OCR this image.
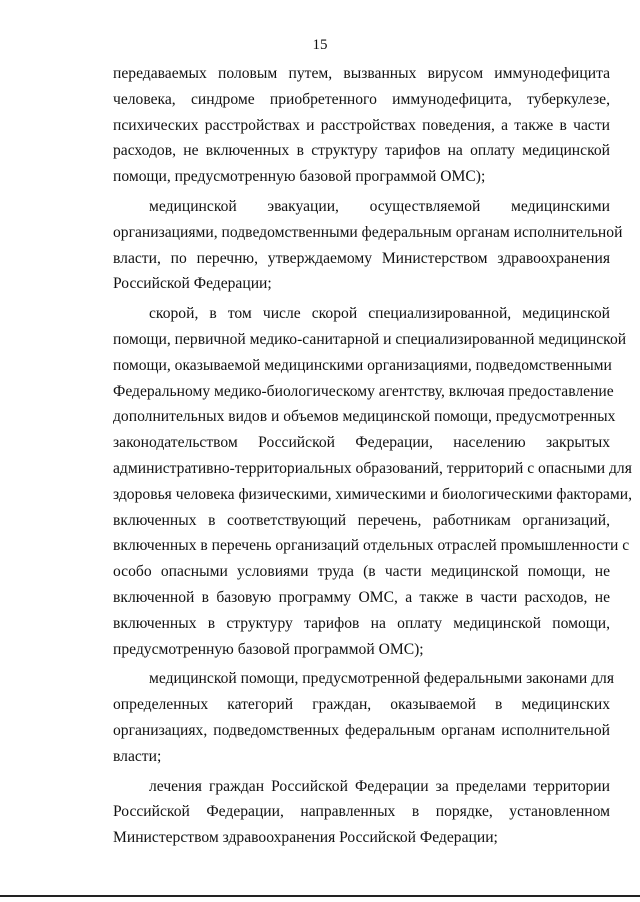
15
передаваемых половым путем, вызванных вирусом иммунодефицита
человека, синдроме приобретенного иммунодефицита, туберкулезе,
психических расстройствах и расстройствах поведения, а также в части
расходов, не включенных в структуру тарифов на оплату медицинской
помощи, предусмотренную базовой программой ОМС);
медицинской эвакуации, осуществляемой медицинскими
организациями, подведомственными федеральным органам исполнительной
власти, по перечню, утверждаемому Министерством здравоохранения
Российской Федерации;
скорой, в том числе скорой специализированной, медицинской
помощи, первичной медико-санитарной и специализированной медицинской
помощи, оказываемой медицинскими организациями, подведомственными
Федеральному медико-биологическому агентству, включая предоставление
дополнительных видов и объемов медицинской помощи, предусмотренных
законодательством Российской Федерации, населению закрытых
административно-территориальных образований, территорий с опасными для
здоровья человека физическими, химическими и биологическими факторами,
включенных в соответствующий перечень, работникам организаций,
включенных в перечень организаций отдельных отраслей промышленности с
особо опасными условиями труда (в части медицинской помощи, не
включенной в базовую программу ОМС, а также в части расходов, не
включенных в структуру тарифов на оплату медицинской помощи,
предусмотренную базовой программой ОМС);
медицинской помощи, предусмотренной федеральными законами для
определенных категорий граждан, оказываемой в медицинских
организациях, подведомственных федеральным органам исполнительной
власти;
лечения граждан Российской Федерации за пределами территории
Российской Федерации, направленных в порядке, установленном
Министерством здравоохранения Российской Федерации;
